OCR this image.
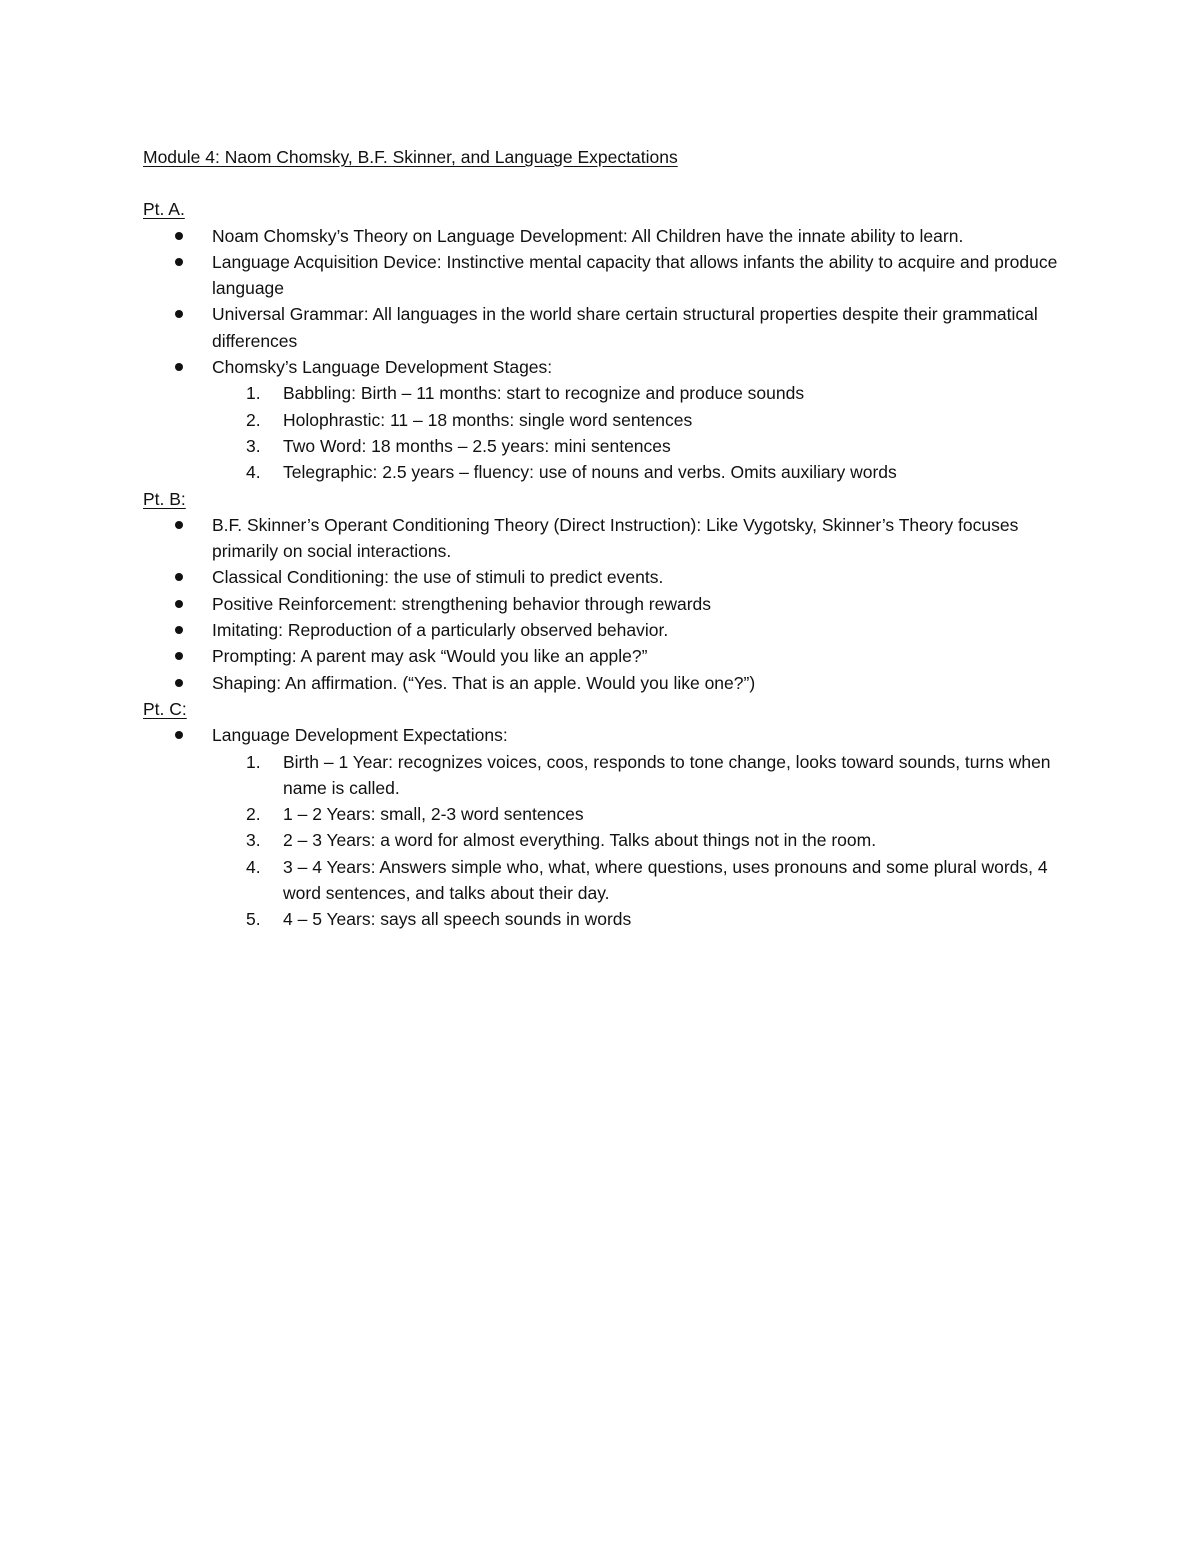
Module 4: Naom Chomsky, B.F. Skinner, and Language Expectations
Pt. A.
Noam Chomsky’s Theory on Language Development: All Children have the innate ability to learn.
Language Acquisition Device: Instinctive mental capacity that allows infants the ability to acquire and produce language
Universal Grammar: All languages in the world share certain structural properties despite their grammatical differences
Chomsky’s Language Development Stages:
1. Babbling: Birth – 11 months: start to recognize and produce sounds
2. Holophrastic: 11 – 18 months: single word sentences
3. Two Word: 18 months – 2.5 years: mini sentences
4. Telegraphic: 2.5 years – fluency: use of nouns and verbs. Omits auxiliary words
Pt. B:
B.F. Skinner’s Operant Conditioning Theory (Direct Instruction): Like Vygotsky, Skinner’s Theory focuses primarily on social interactions.
Classical Conditioning: the use of stimuli to predict events.
Positive Reinforcement: strengthening behavior through rewards
Imitating: Reproduction of a particularly observed behavior.
Prompting: A parent may ask “Would you like an apple?”
Shaping: An affirmation. (“Yes. That is an apple. Would you like one?”)
Pt. C:
Language Development Expectations:
1. Birth – 1 Year: recognizes voices, coos, responds to tone change, looks toward sounds, turns when name is called.
2. 1 – 2 Years: small, 2-3 word sentences
3. 2 – 3 Years: a word for almost everything. Talks about things not in the room.
4. 3 – 4 Years: Answers simple who, what, where questions, uses pronouns and some plural words, 4 word sentences, and talks about their day.
5. 4 – 5 Years: says all speech sounds in words
